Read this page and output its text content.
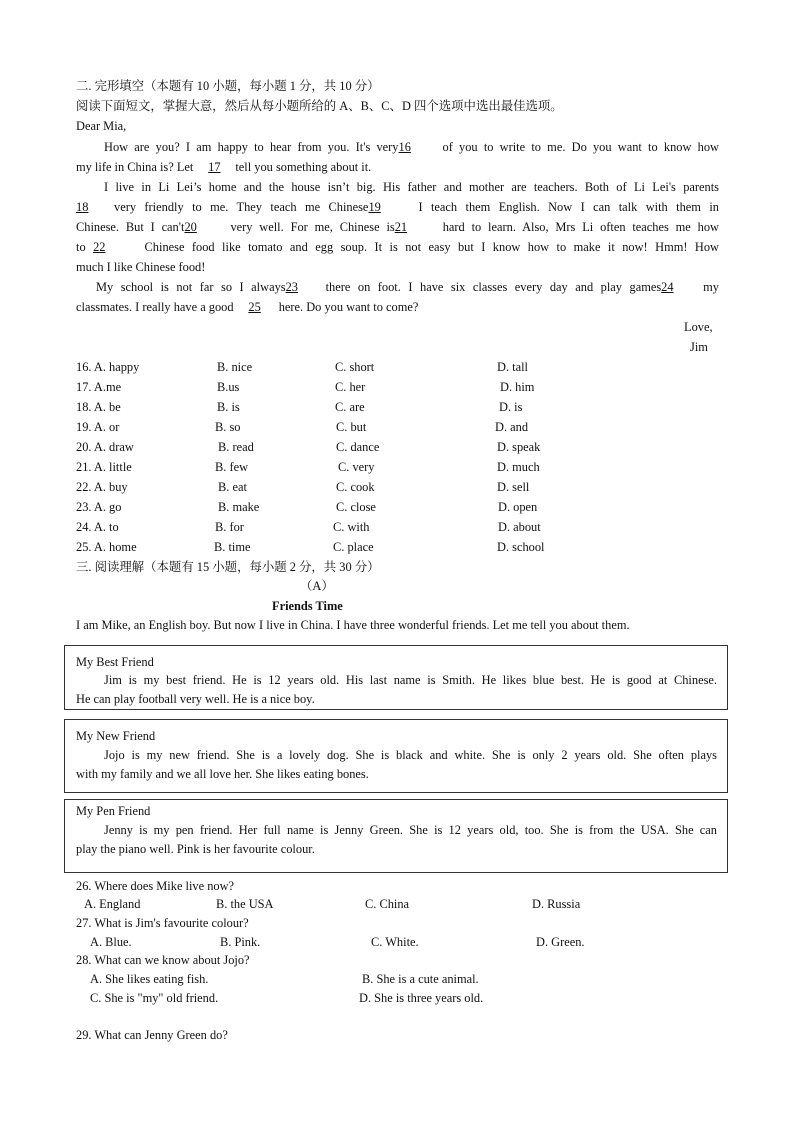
二. 完形填空（本题有 10 小题，每小题 1 分，共 10 分）
阅读下面短文，掌握大意，然后从每小题所给的 A、B、C、D 四个选项中选出最佳选项。
Dear Mia,
How are you? I am happy to hear from you. It's very16	of you to write to me. Do you want to know how
my life in China is? Let 17 tell you something about it.
I live in Li Lei’s home and the house isn’t big. His father and mother are teachers. Both of Li Lei's parents
18 very friendly to me. They teach me Chinese19	I teach them English. Now I can talk with them in
Chinese. But I can't20	very well. For me, Chinese is21	hard to learn. Also, Mrs Li often teaches me how
to 22	Chinese food like tomato and egg soup. It is not easy but I know how to make it now! Hmm! How
much I like Chinese food!
My school is not far so I always23 there on foot. I have six classes every day and play games24 my
classmates. I really have a good 25 here. Do you want to come?
Love,
Jim
16. A. happy	B. nice	C. short	D. tall
17. A.me	B.us	C. her	D. him
18. A. be	B. is	C. are	D. is
19. A. or	B. so	C. but	D. and
20. A. draw	B. read	C. dance	D. speak
21. A. little	B. few	C. very	D. much
22. A. buy	B. eat	C. cook	D. sell
23. A. go	B. make	C. close	D. open
24. A. to	B. for	C. with	D. about
25. A. home	B. time	C. place	D. school
三. 阅读理解（本题有 15 小题，每小题 2 分，共 30 分）
（A）
Friends Time
I am Mike, an English boy. But now I live in China. I have three wonderful friends. Let me tell you about them.
My Best Friend
Jim is my best friend. He is 12 years old. His last name is Smith. He likes blue best. He is good at Chinese.
He can play football very well. He is a nice boy.
My New Friend
Jojo is my new friend. She is a lovely dog. She is black and white. She is only 2 years old. She often plays
with my family and we all love her. She likes eating bones.
My Pen Friend
Jenny is my pen friend. Her full name is Jenny Green. She is 12 years old, too. She is from the USA. She can
play the piano well. Pink is her favourite colour.
26. Where does Mike live now?
A. England	B. the USA	C. China	D. Russia
27. What is Jim's favourite colour?
A. Blue.	B. Pink.	C. White.	D. Green.
28. What can we know about Jojo?
A. She likes eating fish.	B. She is a cute animal.
C. She is "my" old friend.	D. She is three years old.
29. What can Jenny Green do?
